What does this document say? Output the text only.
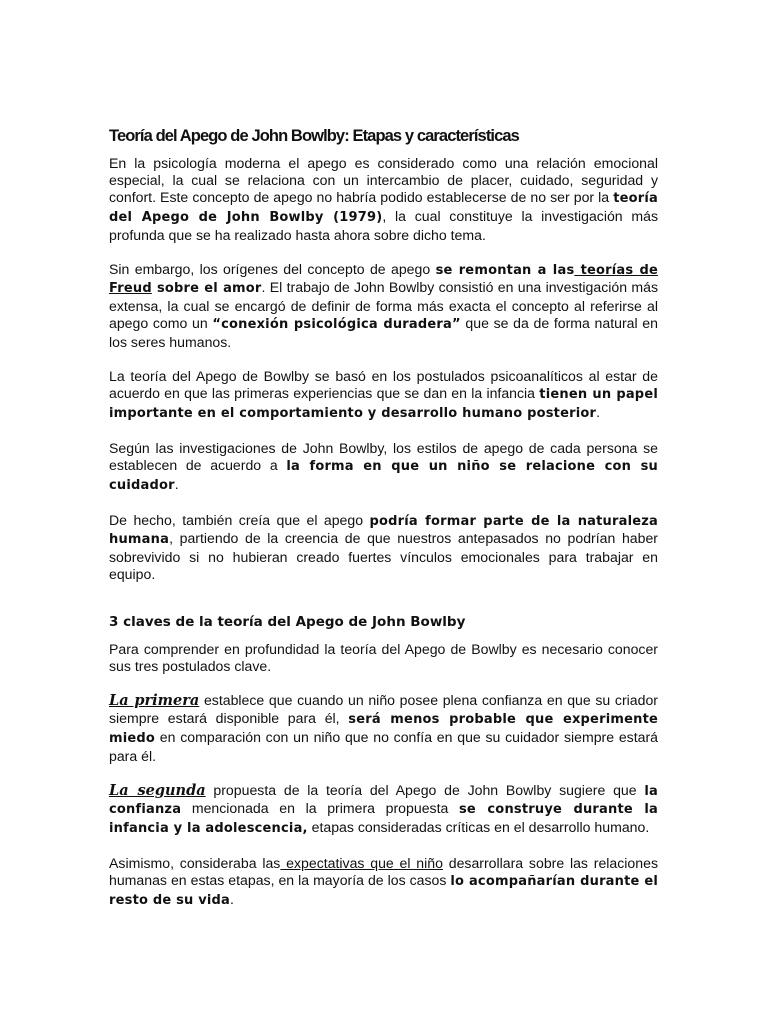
Teoría del Apego de John Bowlby: Etapas y características

En la psicología moderna el apego es considerado como una relación emocional especial, la cual se relaciona con un intercambio de placer, cuidado, seguridad y confort. Este concepto de apego no habría podido establecerse de no ser por la teoría del Apego de John Bowlby (1979), la cual constituye la investigación más profunda que se ha realizado hasta ahora sobre dicho tema.

Sin embargo, los orígenes del concepto de apego se remontan a las teorías de Freud sobre el amor. El trabajo de John Bowlby consistió en una investigación más extensa, la cual se encargó de definir de forma más exacta el concepto al referirse al apego como un “conexión psicológica duradera” que se da de forma natural en los seres humanos.

La teoría del Apego de Bowlby se basó en los postulados psicoanalíticos al estar de acuerdo en que las primeras experiencias que se dan en la infancia tienen un papel importante en el comportamiento y desarrollo humano posterior.

Según las investigaciones de John Bowlby, los estilos de apego de cada persona se establecen de acuerdo a la forma en que un niño se relacione con su cuidador.

De hecho, también creía que el apego podría formar parte de la naturaleza humana, partiendo de la creencia de que nuestros antepasados no podrían haber sobrevivido si no hubieran creado fuertes vínculos emocionales para trabajar en equipo.

3 claves de la teoría del Apego de John Bowlby

Para comprender en profundidad la teoría del Apego de Bowlby es necesario conocer sus tres postulados clave.

La primera establece que cuando un niño posee plena confianza en que su criador siempre estará disponible para él, será menos probable que experimente miedo en comparación con un niño que no confía en que su cuidador siempre estará para él.

La segunda propuesta de la teoría del Apego de John Bowlby sugiere que la confianza mencionada en la primera propuesta se construye durante la infancia y la adolescencia, etapas consideradas críticas en el desarrollo humano.

Asimismo, consideraba las expectativas que el niño desarrollara sobre las relaciones humanas en estas etapas, en la mayoría de los casos lo acompañarían durante el resto de su vida.
